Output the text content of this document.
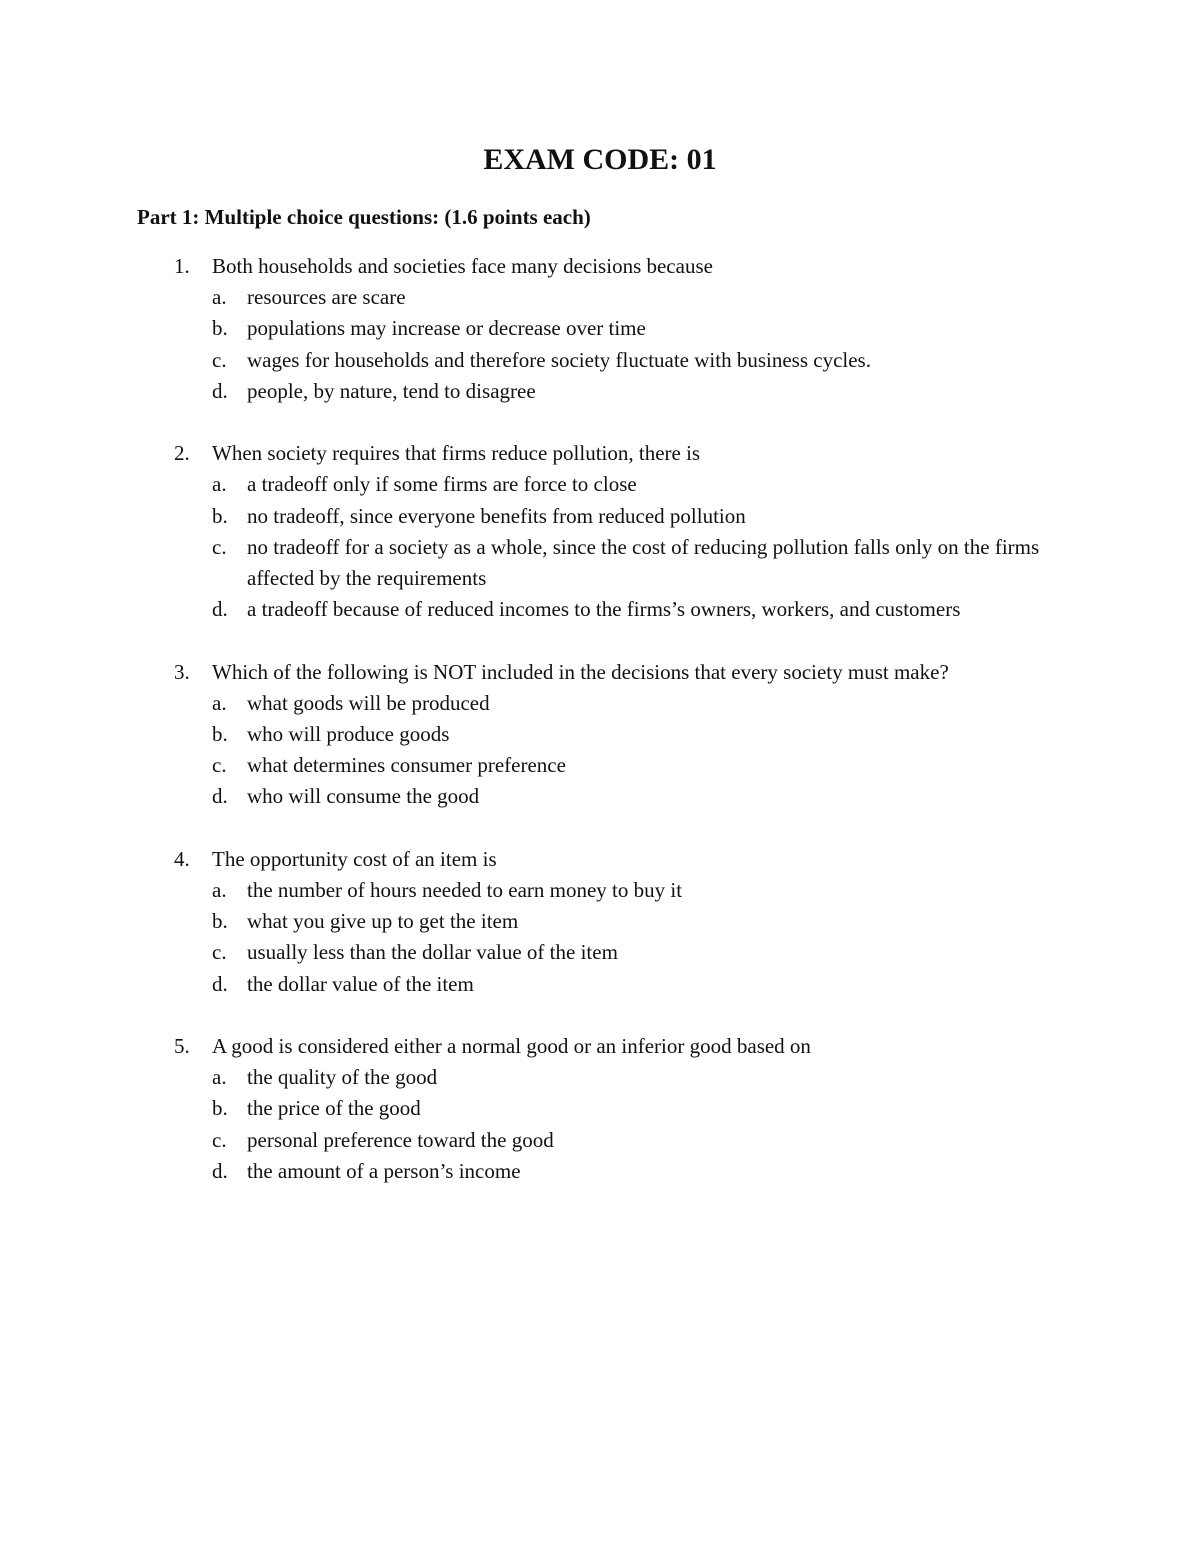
EXAM CODE: 01
Part 1: Multiple choice questions: (1.6 points each)
1. Both households and societies face many decisions because
a. resources are scare
b. populations may increase or decrease over time
c. wages for households and therefore society fluctuate with business cycles.
d. people, by nature, tend to disagree
2. When society requires that firms reduce pollution, there is
a. a tradeoff only if some firms are force to close
b. no tradeoff, since everyone benefits from reduced pollution
c. no tradeoff for a society as a whole, since the cost of reducing pollution falls only on the firms affected by the requirements
d. a tradeoff because of reduced incomes to the firms’s owners, workers, and customers
3. Which of the following is NOT included in the decisions that every society must make?
a. what goods will be produced
b. who will produce goods
c. what determines consumer preference
d. who will consume the good
4. The opportunity cost of an item is
a. the number of hours needed to earn money to buy it
b. what you give up to get the item
c. usually less than the dollar value of the item
d. the dollar value of the item
5. A good is considered either a normal good or an inferior good based on
a. the quality of the good
b. the price of the good
c. personal preference toward the good
d. the amount of a person’s income
